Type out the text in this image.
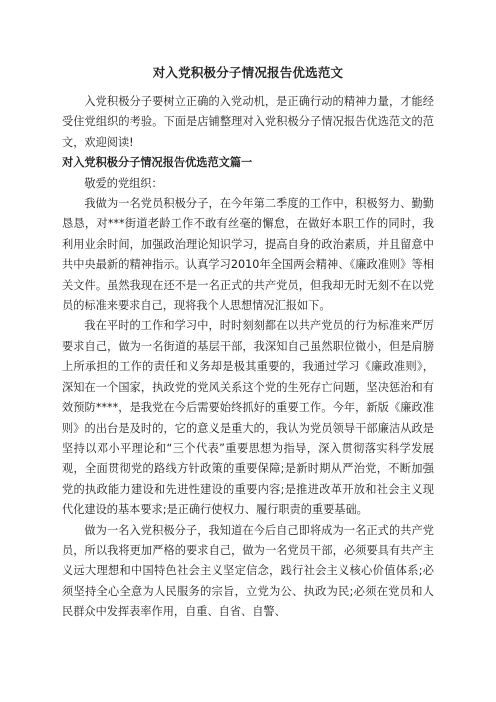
对入党积极分子情况报告优选范文

入党积极分子要树立正确的入党动机，是正确行动的精神力量，才能经受住党组织的考验。下面是店铺整理对入党积极分子情况报告优选范文的范文，欢迎阅读!

对入党积极分子情况报告优选范文篇一

敬爱的党组织：

我做为一名党员积极分子，在今年第二季度的工作中，积极努力、勤勤恳恳，对***街道老龄工作不敢有丝毫的懈怠，在做好本职工作的同时，我利用业余时间，加强政治理论知识学习，提高自身的政治素质，并且留意中共中央最新的精神指示。认真学习2010年全国两会精神、《廉政准则》等相关文件。虽然我现在还不是一名正式的共产党员，但我却无时无刻不在以党员的标准来要求自己，现将我个人思想情况汇报如下。

我在平时的工作和学习中，时时刻刻都在以共产党员的行为标准来严厉要求自己，做为一名街道的基层干部，我深知自己虽然职位微小，但是肩膀上所承担的工作的责任和义务却是极其重要的，我通过学习《廉政准则》，深知在一个国家，执政党的党风关系这个党的生死存亡问题，坚决惩治和有效预防****，是我党在今后需要始终抓好的重要工作。今年，新版《廉政准则》的出台是及时的，它的意义是重大的，我认为党员领导干部廉洁从政是坚持以邓小平理论和“三个代表”重要思想为指导，深入贯彻落实科学发展观，全面贯彻党的路线方针政策的重要保障;是新时期从严治党，不断加强党的执政能力建设和先进性建设的重要内容;是推进改革开放和社会主义现代化建设的基本要求;是正确行使权力、履行职责的重要基础。

做为一名入党积极分子，我知道在今后自己即将成为一名正式的共产党员，所以我将更加严格的要求自己，做为一名党员干部，必须要具有共产主义远大理想和中国特色社会主义坚定信念，践行社会主义核心价值体系;必须坚持全心全意为人民服务的宗旨，立党为公、执政为民;必须在党员和人民群众中发挥表率作用，自重、自省、自警、
